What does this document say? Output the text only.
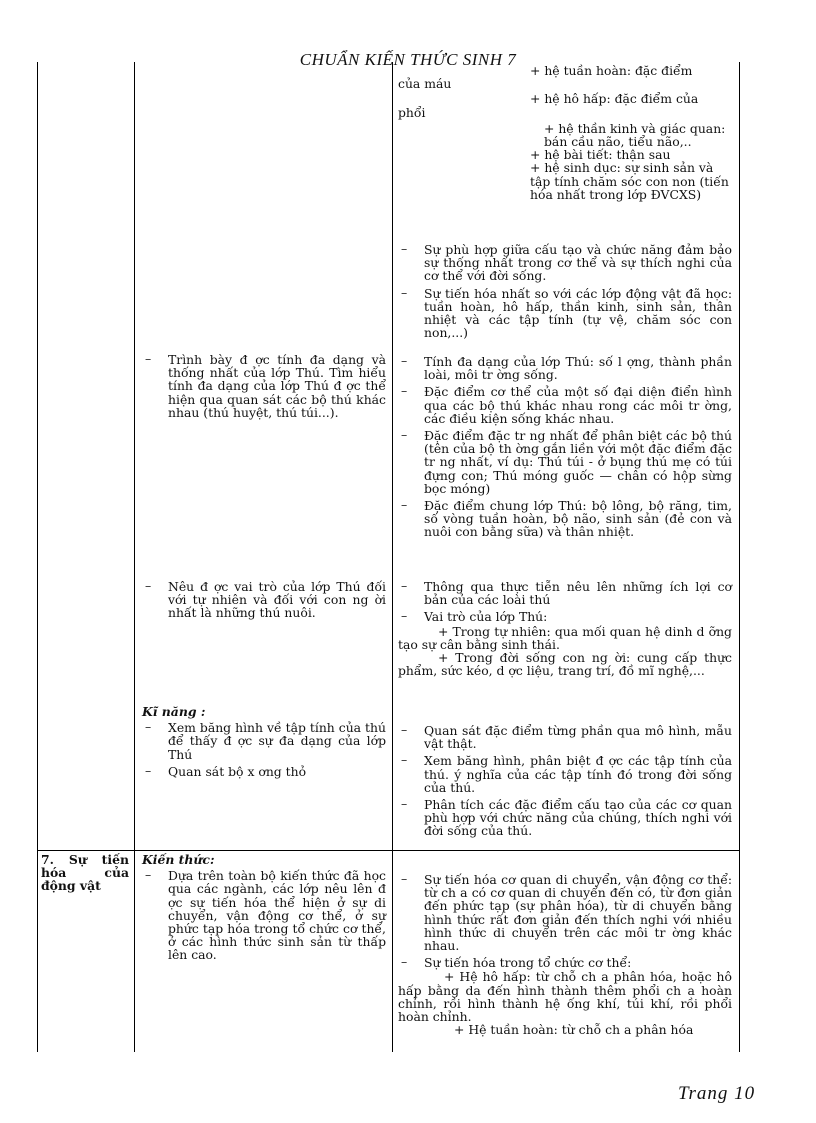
CHUẨN KIẾN THỨC SINH 7
Trang 10
– Trình bày đ ợc tính đa dạng và thống nhất của lớp Thú. Tìm hiểu tính đa dạng của lớp Thú đ ợc thể hiện qua quan sát các bộ thú khác nhau (thú huyệt, thú túi...).

– Nêu đ ợc vai trò của lớp Thú đối với tự nhiên và đối với con ng ời nhất là những thú nuôi.

Kĩ năng :

– Xem băng hình về tập tính của thú để thấy đ ợc sự đa dạng của lớp Thú

– Quan sát bộ x ơng thỏ

+ hệ tuần hoàn: đặc điểm

của máu

+ hệ hô hấp: đặc điểm của

phổi

+ hệ thần kinh và giác quan: bán cầu não, tiểu não,..

+ hệ bài tiết: thận sau

+ hệ sinh dục: sự sinh sản và tập tính chăm sóc con non (tiến hóa nhất trong lớp ĐVCXS)

– Sự phù hợp giữa cấu tạo và chức năng đảm bảo sự thống nhất trong cơ thể và sự thích nghi của cơ thể với đời sống.

– Sự tiến hóa nhất so với các lớp động vật đã học: tuần hoàn, hô hấp, thần kinh, sinh sản, thân nhiệt và các tập tính (tự vệ, chăm sóc con non,...)

– Tính đa dạng của lớp Thú: số l ợng, thành phần loài, môi tr ờng sống.

– Đặc điểm cơ thể của một số đại diện điển hình qua các bộ thú khác nhau rong các môi tr ờng, các điều kiện sống khác nhau.

– Đặc điểm đặc tr ng nhất để phân biệt các bộ thú (tên của bộ th ờng gắn liền với một đặc điểm đặc tr ng nhất, ví dụ: Thú túi - ở bụng thú mẹ có túi đựng con; Thú móng guốc — chân có hộp sừng bọc móng)

– Đặc điểm chung lớp Thú: bộ lông, bộ răng, tim, số vòng tuần hoàn, bộ não, sinh sản (đẻ con và nuôi con bằng sữa) và thân nhiệt.

– Thông qua thực tiễn nêu lên những ích lợi cơ bản của các loài thú

– Vai trò của lớp Thú:

+ Trong tự nhiên: qua mối quan hệ dinh d ỡng tạo sự cân bằng sinh thái.

+ Trong đời sống con ng ời: cung cấp thực phẩm, sức kéo, d ợc liệu, trang trí, đồ mĩ nghệ,...

– Quan sát đặc điểm từng phần qua mô hình, mẫu vật thật.

– Xem băng hình, phân biệt đ ợc các tập tính của thú. ý nghĩa của các tập tính đó trong đời sống của thú.

– Phân tích các đặc điểm cấu tạo của các cơ quan phù hợp với chức năng của chúng, thích nghi với đời sống của thú.

7. Sự tiến hóa của động vật

Kiến thức:

– Dựa trên toàn bộ kiến thức đã học qua các ngành, các lớp nêu lên đ ợc sự tiến hóa thể hiện ở sự di chuyển, vận động cơ thể, ở sự phức tạp hóa trong tổ chức cơ thể, ở các hình thức sinh sản từ thấp lên cao.

– Sự tiến hóa cơ quan di chuyển, vận động cơ thể: từ ch a có cơ quan di chuyển đến có, từ đơn giản đến phức tạp (sự phân hóa), từ di chuyển bằng hình thức rất đơn giản đến thích nghi với nhiều hình thức di chuyển trên các môi tr ờng khác nhau.

– Sự tiến hóa trong tổ chức cơ thể:

+ Hệ hô hấp: từ chỗ ch a phân hóa, hoặc hô hấp bằng da đến hình thành thêm phổi ch a hoàn chỉnh, rồi hình thành hệ ống khí, túi khí, rồi phổi hoàn chỉnh.

+ Hệ tuần hoàn: từ chỗ ch a phân hóa
